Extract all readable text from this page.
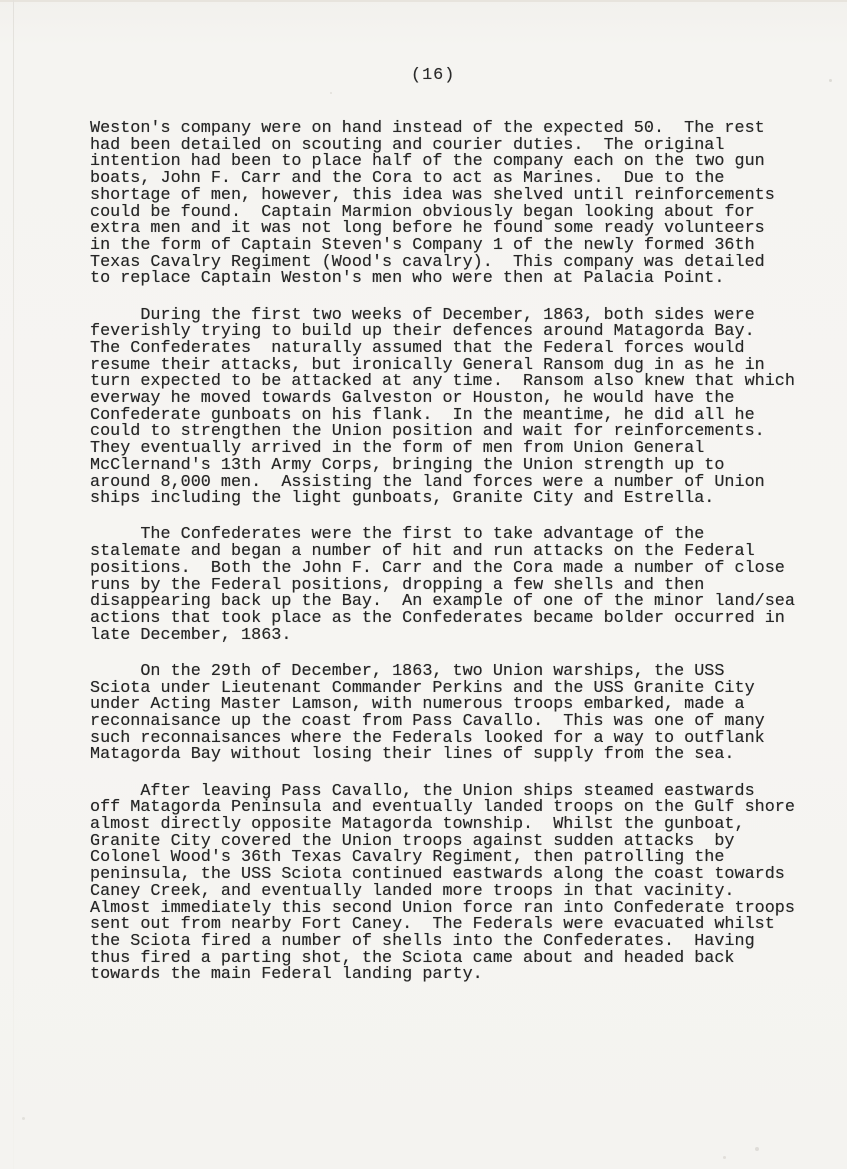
(16)
Weston's company were on hand instead of the expected 50.  The rest
had been detailed on scouting and courier duties.  The original
intention had been to place half of the company each on the two gun
boats, John F. Carr and the Cora to act as Marines.  Due to the
shortage of men, however, this idea was shelved until reinforcements
could be found.  Captain Marmion obviously began looking about for
extra men and it was not long before he found some ready volunteers
in the form of Captain Steven's Company 1 of the newly formed 36th
Texas Cavalry Regiment (Wood's cavalry).  This company was detailed
to replace Captain Weston's men who were then at Palacia Point.
During the first two weeks of December, 1863, both sides were
feverishly trying to build up their defences around Matagorda Bay.
The Confederates  naturally assumed that the Federal forces would
resume their attacks, but ironically General Ransom dug in as he in
turn expected to be attacked at any time.  Ransom also knew that which
everway he moved towards Galveston or Houston, he would have the
Confederate gunboats on his flank.  In the meantime, he did all he
could to strengthen the Union position and wait for reinforcements.
They eventually arrived in the form of men from Union General
McClernand's 13th Army Corps, bringing the Union strength up to
around 8,000 men.  Assisting the land forces were a number of Union
ships including the light gunboats, Granite City and Estrella.
The Confederates were the first to take advantage of the
stalemate and began a number of hit and run attacks on the Federal
positions.  Both the John F. Carr and the Cora made a number of close
runs by the Federal positions, dropping a few shells and then
disappearing back up the Bay.  An example of one of the minor land/sea
actions that took place as the Confederates became bolder occurred in
late December, 1863.
On the 29th of December, 1863, two Union warships, the USS
Sciota under Lieutenant Commander Perkins and the USS Granite City
under Acting Master Lamson, with numerous troops embarked, made a
reconnaisance up the coast from Pass Cavallo.  This was one of many
such reconnaisances where the Federals looked for a way to outflank
Matagorda Bay without losing their lines of supply from the sea.
After leaving Pass Cavallo, the Union ships steamed eastwards
off Matagorda Peninsula and eventually landed troops on the Gulf shore
almost directly opposite Matagorda township.  Whilst the gunboat,
Granite City covered the Union troops against sudden attacks  by
Colonel Wood's 36th Texas Cavalry Regiment, then patrolling the
peninsula, the USS Sciota continued eastwards along the coast towards
Caney Creek, and eventually landed more troops in that vacinity.
Almost immediately this second Union force ran into Confederate troops
sent out from nearby Fort Caney.  The Federals were evacuated whilst
the Sciota fired a number of shells into the Confederates.  Having
thus fired a parting shot, the Sciota came about and headed back
towards the main Federal landing party.
